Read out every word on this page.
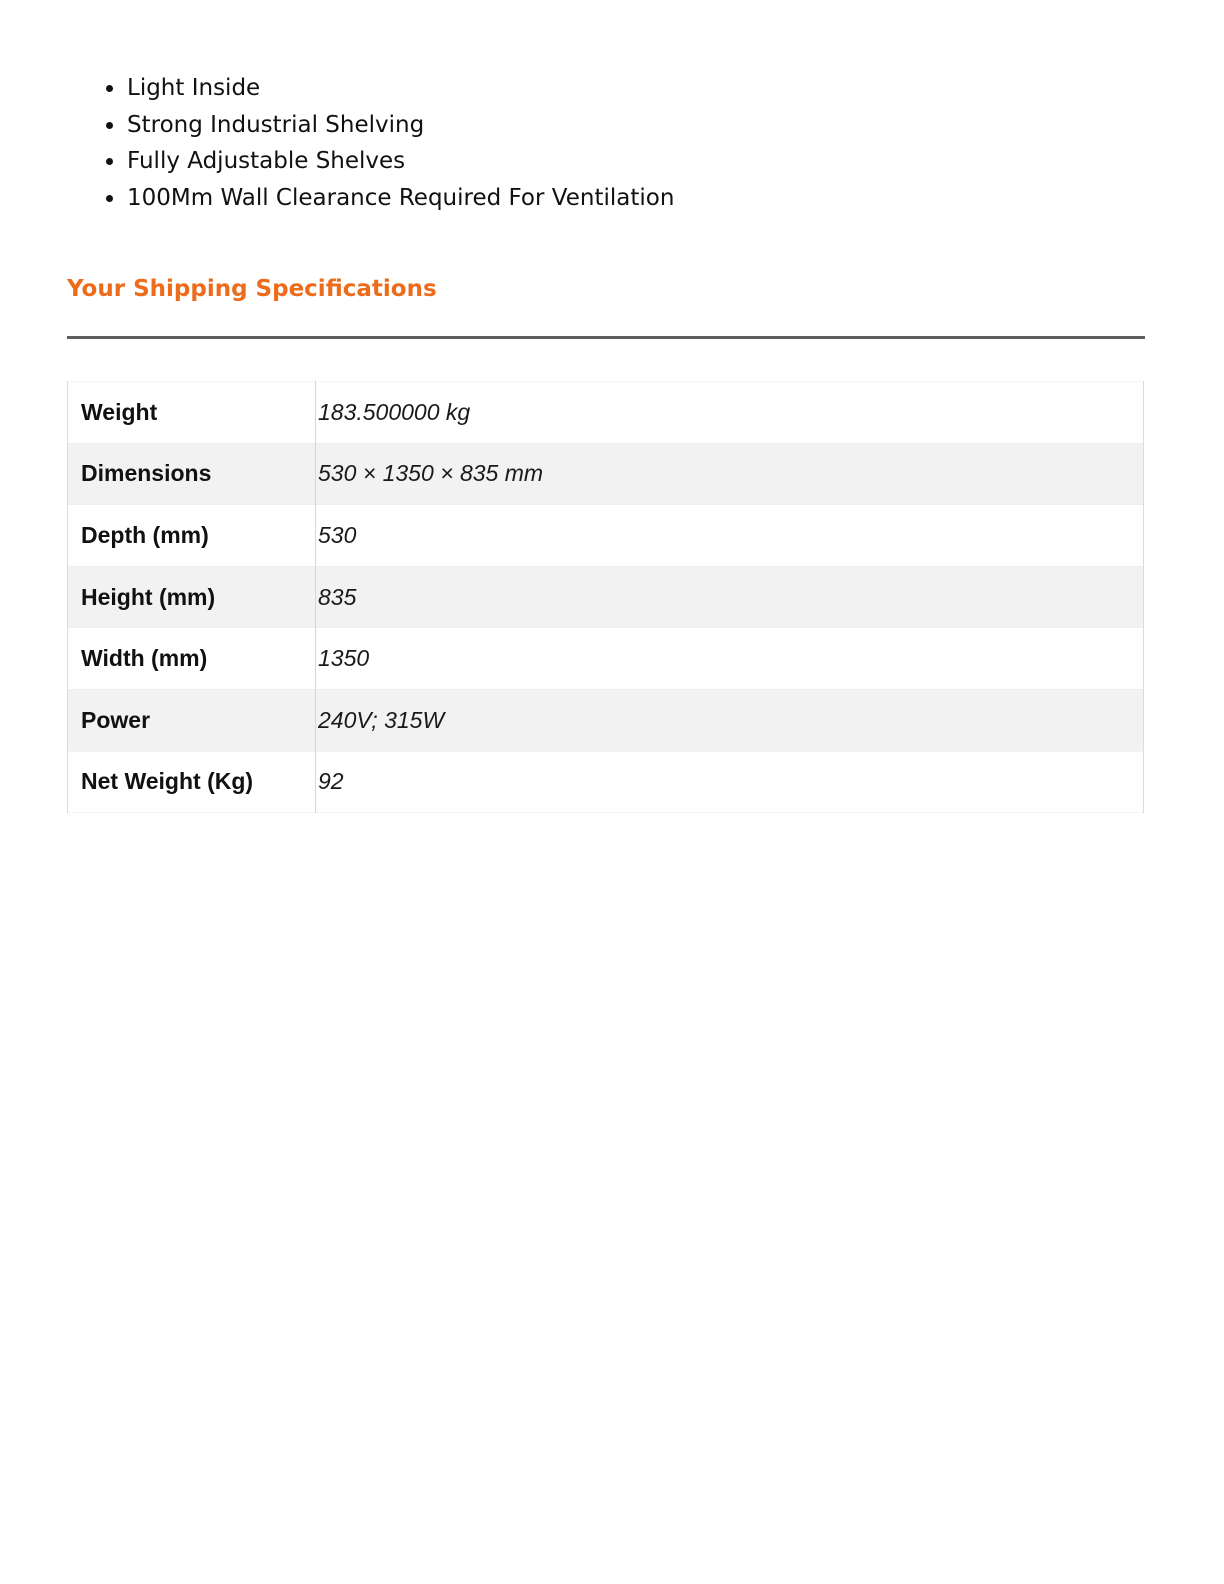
Light Inside
Strong Industrial Shelving
Fully Adjustable Shelves
100Mm Wall Clearance Required For Ventilation
Your Shipping Specifications
Weight	183.500000 kg
Dimensions	530 × 1350 × 835 mm
Depth (mm)	530
Height (mm)	835
Width (mm)	1350
Power	240V; 315W
Net Weight (Kg)	92
